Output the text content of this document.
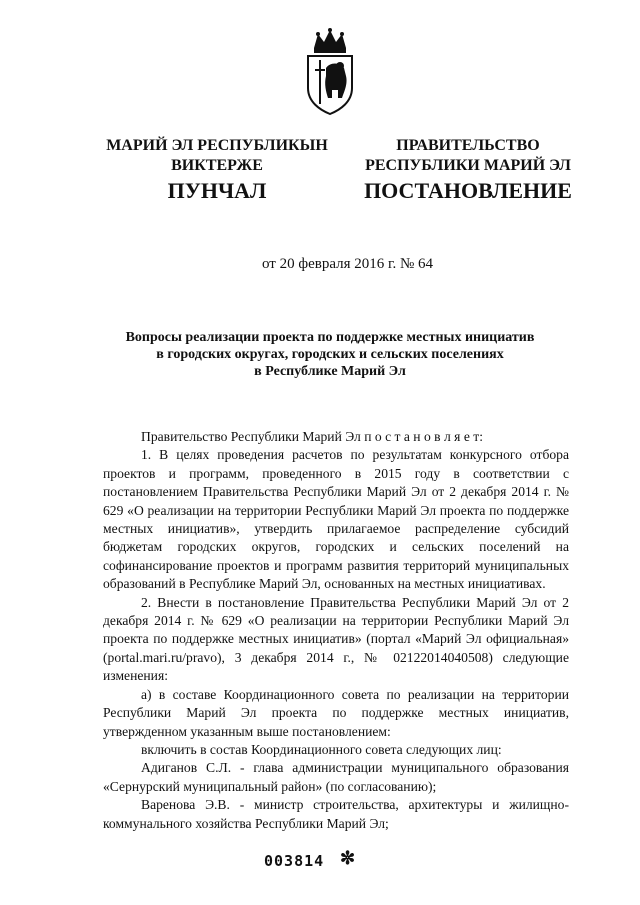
МАРИЙ ЭЛ РЕСПУБЛИКЫН
ВИКТЕРЖЕ
ПРАВИТЕЛЬСТВО
РЕСПУБЛИКИ МАРИЙ ЭЛ
ПУНЧАЛ	ПОСТАНОВЛЕНИЕ
от 20 февраля 2016 г. № 64
Вопросы реализации проекта по поддержке местных инициатив
в городских округах, городских и сельских поселениях
в Республике Марий Эл

Правительство Республики Марий Эл п о с т а н о в л я е т:

1. В целях проведения расчетов по результатам конкурсного отбора проектов и программ, проведенного в 2015 году в соответствии с постановлением Правительства Республики Марий Эл от 2 декабря 2014 г. № 629 «О реализации на территории Республики Марий Эл проекта по поддержке местных инициатив», утвердить прилагаемое распределение субсидий бюджетам городских округов, городских и сельских поселений на софинансирование проектов и программ развития территорий муниципальных образований в Республике Марий Эл, основанных на местных инициативах.

2. Внести в постановление Правительства Республики Марий Эл от 2 декабря 2014 г. № 629 «О реализации на территории Республики Марий Эл проекта по поддержке местных инициатив» (портал «Марий Эл официальная» (portal.mari.ru/pravo), 3 декабря 2014 г., № 02122014040508) следующие изменения:

а) в составе Координационного совета по реализации на территории Республики Марий Эл проекта по поддержке местных инициатив, утвержденном указанным выше постановлением:

включить в состав Координационного совета следующих лиц:

Адиганов С.Л. - глава администрации муниципального образования «Сернурский муниципальный район» (по согласованию);

Варенова Э.В. - министр строительства, архитектуры и жилищно-коммунального хозяйства Республики Марий Эл;

003814 ✼
